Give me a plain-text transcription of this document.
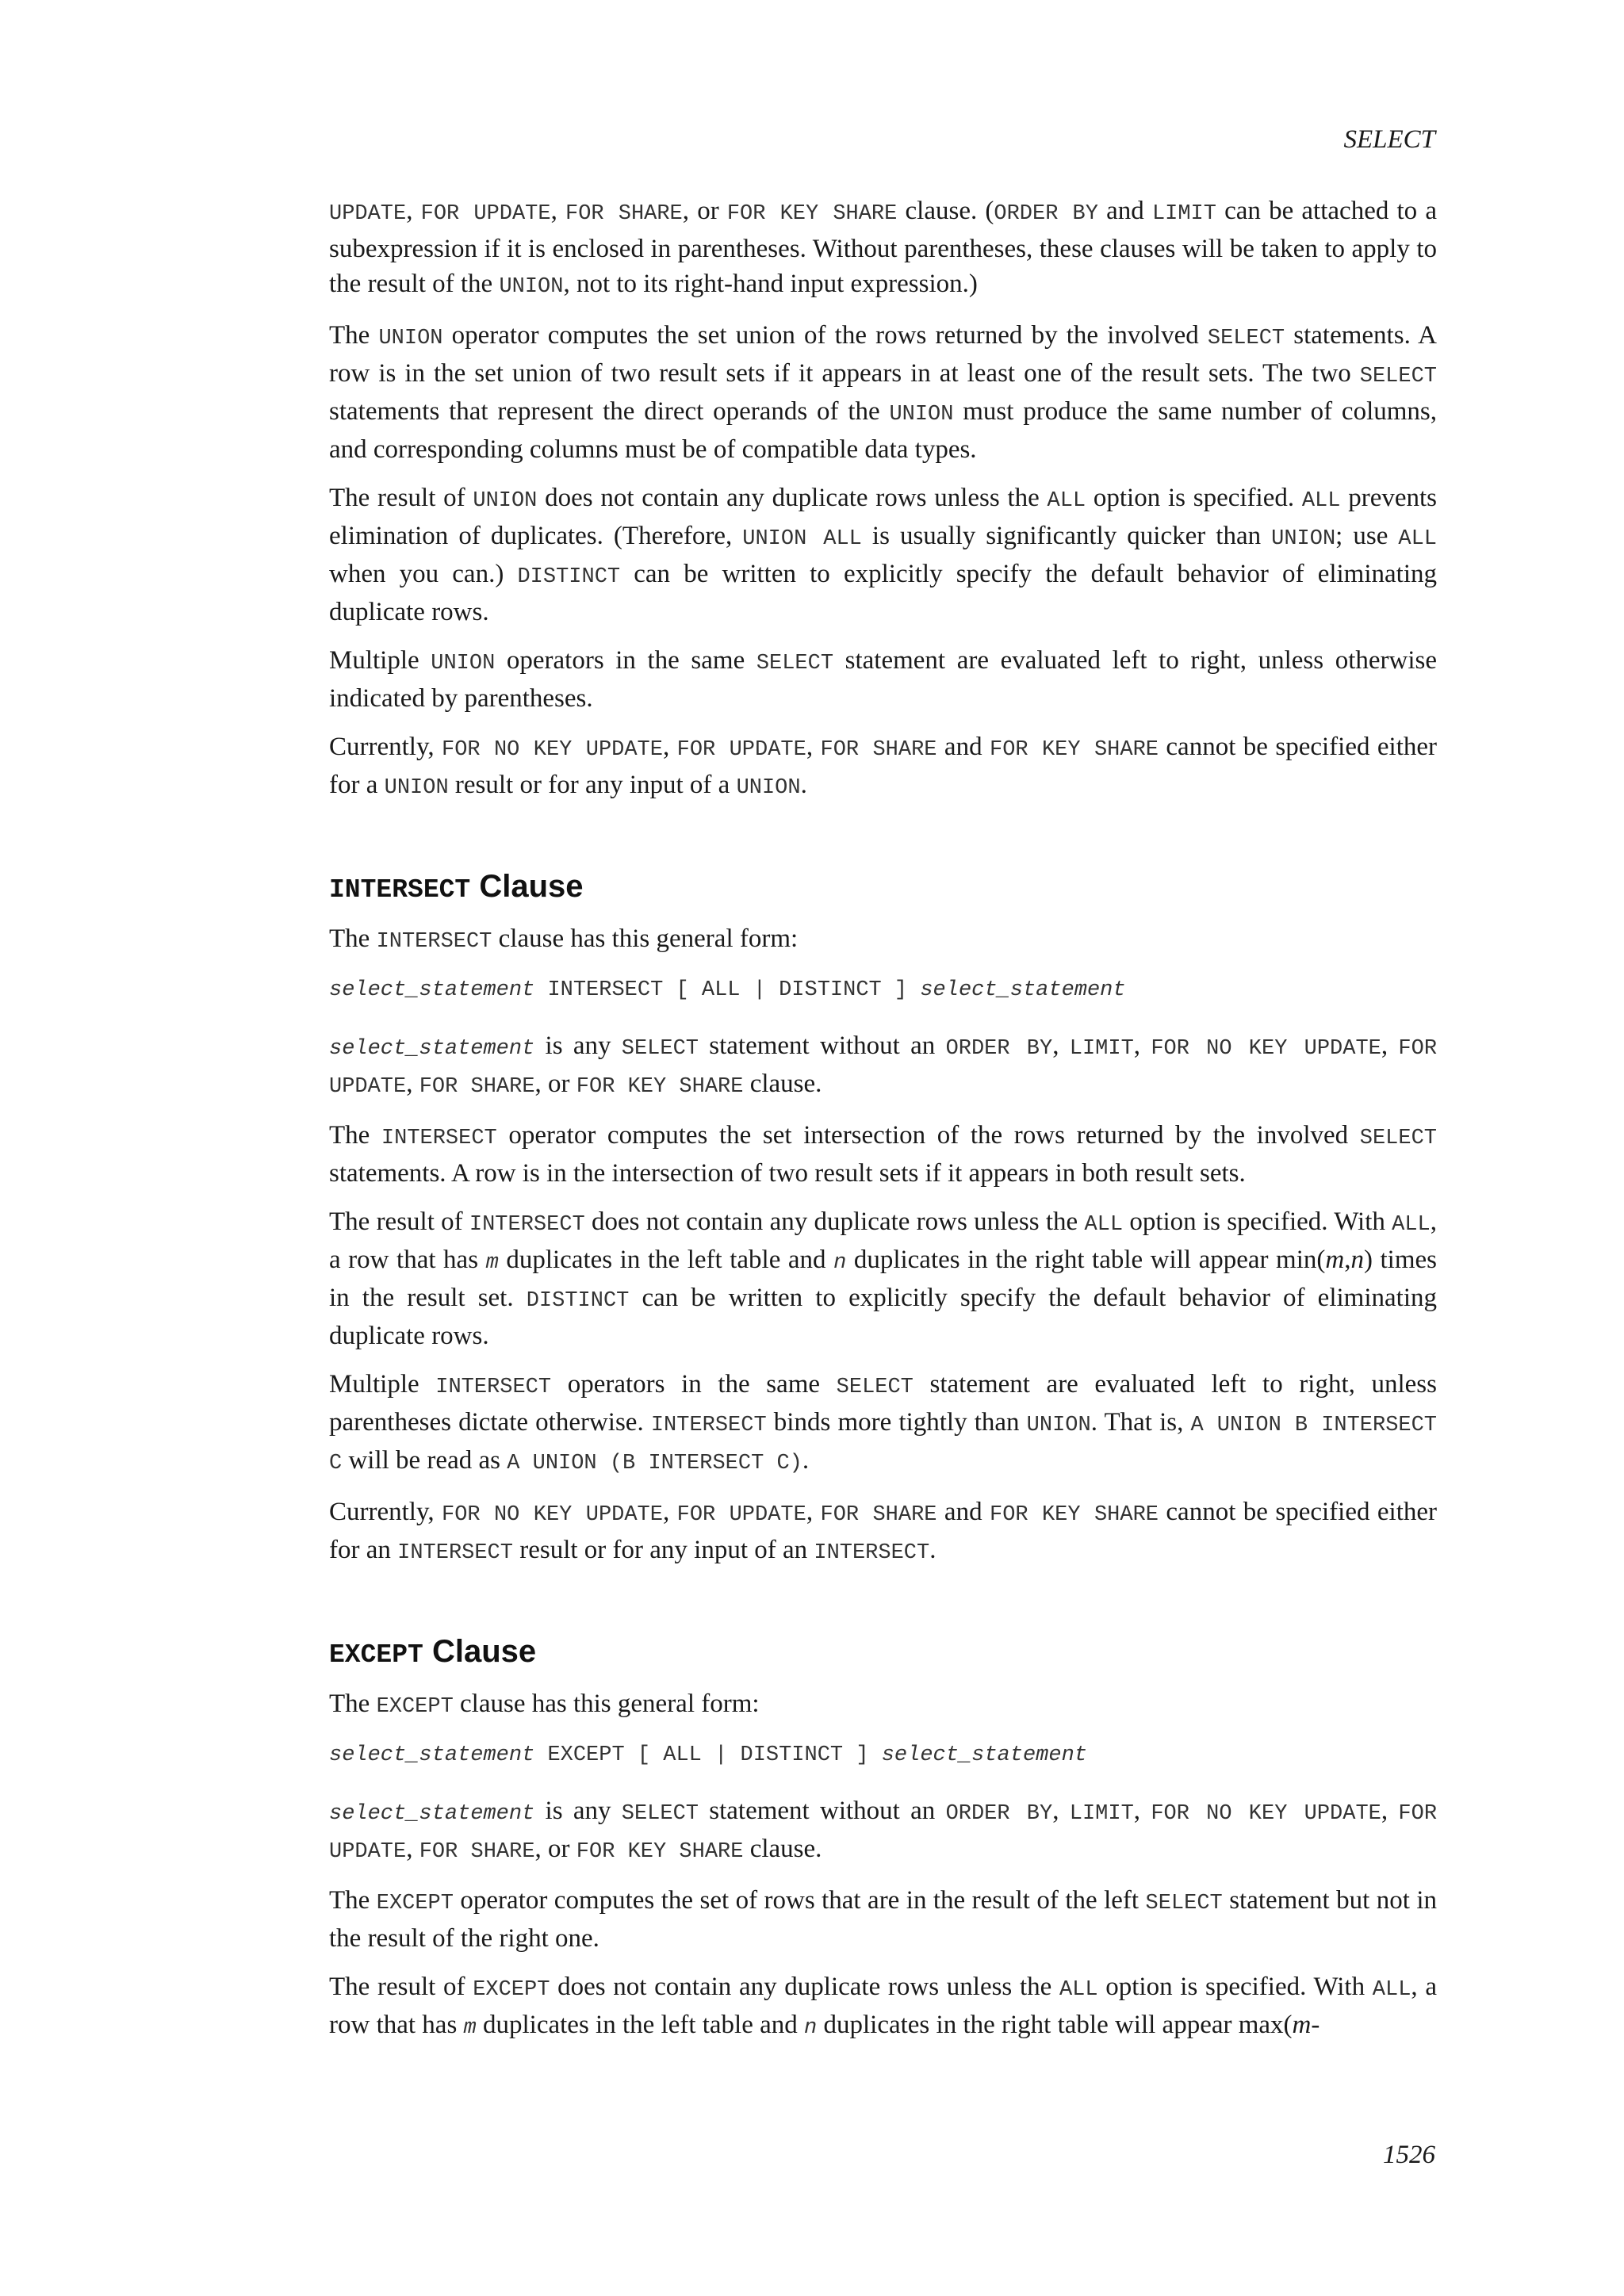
SELECT

UPDATE, FOR UPDATE, FOR SHARE, or FOR KEY SHARE clause. (ORDER BY and LIMIT can be attached to a subexpression if it is enclosed in parentheses. Without parentheses, these clauses will be taken to apply to the result of the UNION, not to its right-hand input expression.)

The UNION operator computes the set union of the rows returned by the involved SELECT statements. A row is in the set union of two result sets if it appears in at least one of the result sets. The two SELECT statements that represent the direct operands of the UNION must produce the same number of columns, and corresponding columns must be of compatible data types.

The result of UNION does not contain any duplicate rows unless the ALL option is specified. ALL prevents elimination of duplicates. (Therefore, UNION ALL is usually significantly quicker than UNION; use ALL when you can.) DISTINCT can be written to explicitly specify the default behavior of eliminating duplicate rows.

Multiple UNION operators in the same SELECT statement are evaluated left to right, unless otherwise indicated by parentheses.

Currently, FOR NO KEY UPDATE, FOR UPDATE, FOR SHARE and FOR KEY SHARE cannot be specified either for a UNION result or for any input of a UNION.

INTERSECT Clause

The INTERSECT clause has this general form:

select_statement INTERSECT [ ALL | DISTINCT ] select_statement

select_statement is any SELECT statement without an ORDER BY, LIMIT, FOR NO KEY UPDATE, FOR UPDATE, FOR SHARE, or FOR KEY SHARE clause.

The INTERSECT operator computes the set intersection of the rows returned by the involved SELECT statements. A row is in the intersection of two result sets if it appears in both result sets.

The result of INTERSECT does not contain any duplicate rows unless the ALL option is specified. With ALL, a row that has m duplicates in the left table and n duplicates in the right table will appear min(m,n) times in the result set. DISTINCT can be written to explicitly specify the default behavior of eliminating duplicate rows.

Multiple INTERSECT operators in the same SELECT statement are evaluated left to right, unless parentheses dictate otherwise. INTERSECT binds more tightly than UNION. That is, A UNION B INTERSECT C will be read as A UNION (B INTERSECT C).

Currently, FOR NO KEY UPDATE, FOR UPDATE, FOR SHARE and FOR KEY SHARE cannot be specified either for an INTERSECT result or for any input of an INTERSECT.

EXCEPT Clause

The EXCEPT clause has this general form:

select_statement EXCEPT [ ALL | DISTINCT ] select_statement

select_statement is any SELECT statement without an ORDER BY, LIMIT, FOR NO KEY UPDATE, FOR UPDATE, FOR SHARE, or FOR KEY SHARE clause.

The EXCEPT operator computes the set of rows that are in the result of the left SELECT statement but not in the result of the right one.

The result of EXCEPT does not contain any duplicate rows unless the ALL option is specified. With ALL, a row that has m duplicates in the left table and n duplicates in the right table will appear max(m-

1526
